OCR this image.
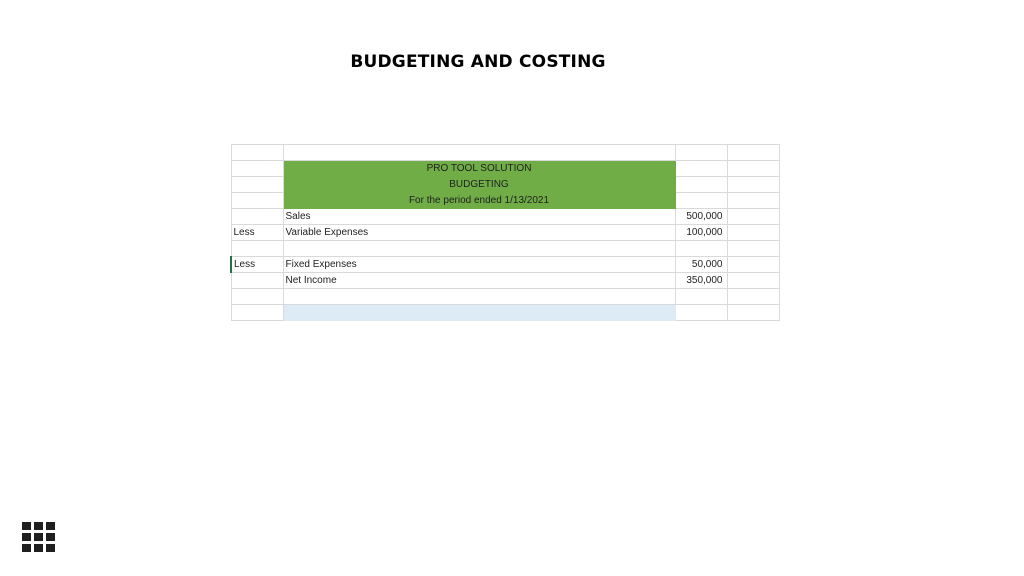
BUDGETING AND COSTING

	PRO TOOL SOLUTION		
	BUDGETING		
	For the period ended 1/13/2021		
	Sales	500,000	
Less	Variable Expenses	100,000	

Less	Fixed Expenses	50,000	
	Net Income	350,000	
